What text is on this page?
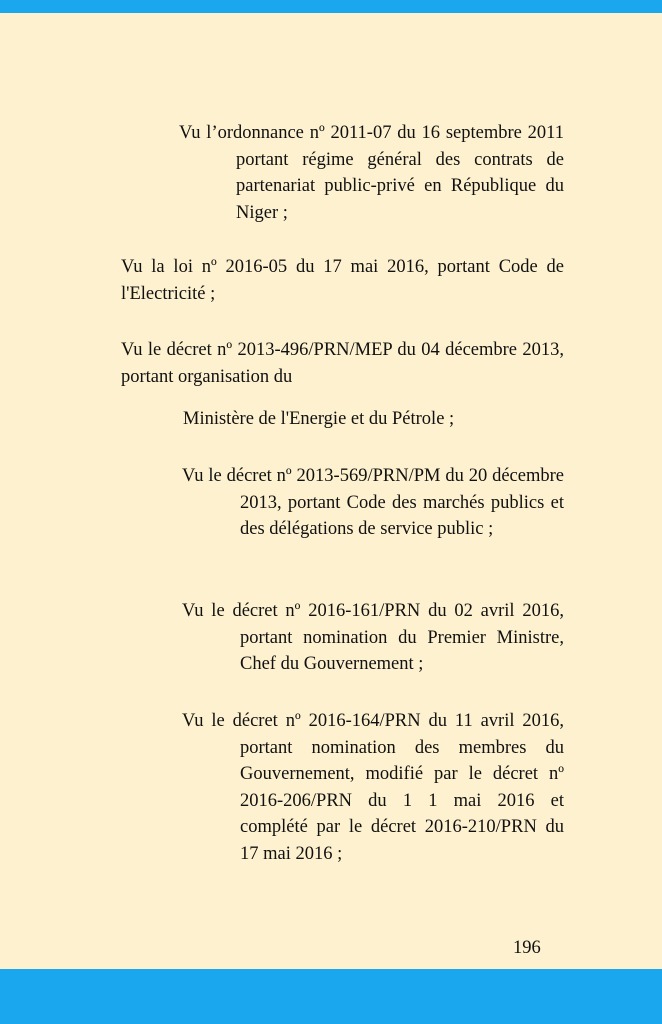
Vu l’ordonnance nº 2011-07 du 16 septembre 2011 portant régime général des contrats de partenariat public-privé en République du Niger ;

Vu la loi nº 2016-05 du 17 mai 2016, portant Code de l'Electricité ;

Vu le décret nº 2013-496/PRN/MEP du 04 décembre 2013, portant organisation du

Ministère de l'Energie et du Pétrole ;

Vu le décret nº 2013-569/PRN/PM du 20 décembre 2013, portant Code des marchés publics et des délégations de service public ;

Vu le décret nº 2016-161/PRN du 02 avril 2016, portant nomination du Premier Ministre, Chef du Gouvernement ;

Vu le décret nº 2016-164/PRN du 11 avril 2016, portant nomination des membres du Gouvernement, modifié par le décret nº 2016-206/PRN du 1 1 mai 2016 et complété par le décret 2016-210/PRN du 17 mai 2016 ;

196
